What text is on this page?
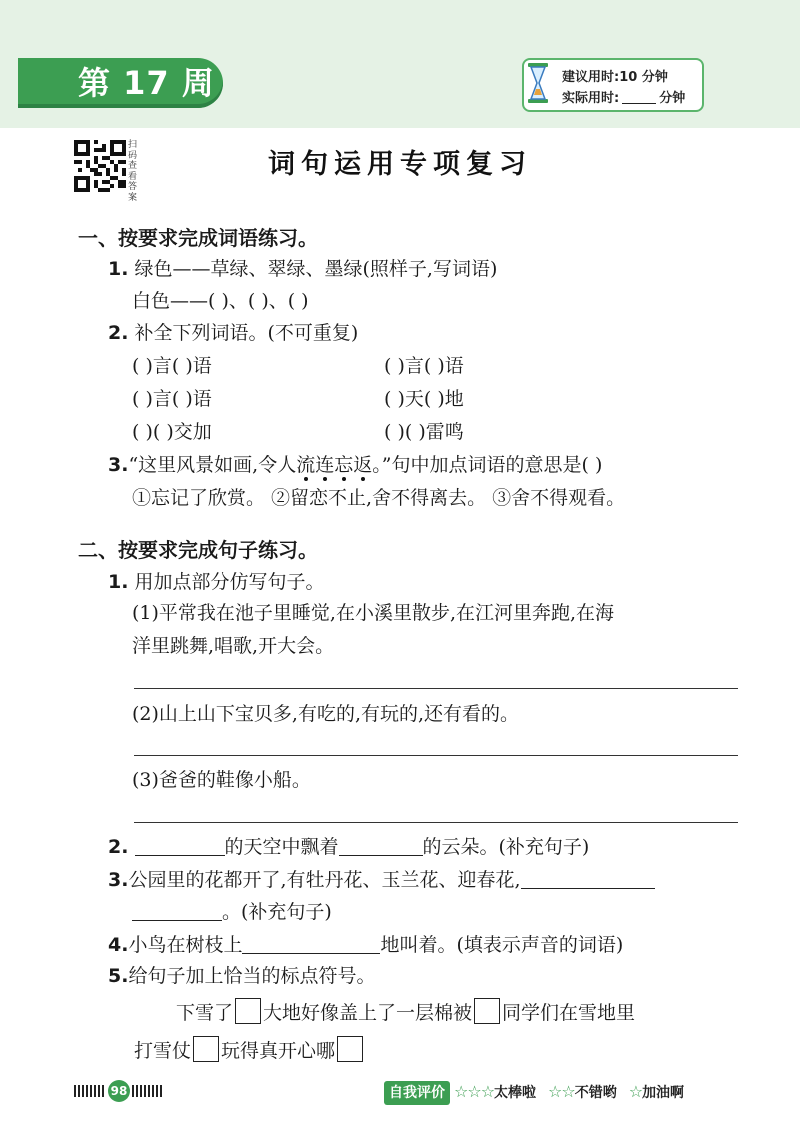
第 17 周	建议用时:10 分钟
实际用时:	分钟
扫码查看答案
词句运用专项复习
一、按要求完成词语练习。
1. 绿色——草绿、翠绿、墨绿(照样子,写词语)
白色——( )、( )、( )
2. 补全下列词语。(不可重复)
( )言( )语	( )言( )语
( )言( )语	( )天( )地
( )( )交加	( )( )雷鸣
3.“这里风景如画,令人流连忘返。”句中加点词语的意思是( )
①忘记了欣赏。 ②留恋不止,舍不得离去。 ③舍不得观看。
二、按要求完成句子练习。
1. 用加点部分仿写句子。
(1)平常我在池子里睡觉,在小溪里散步,在江河里奔跑,在海
洋里跳舞,唱歌,开大会。
(2)山上山下宝贝多,有吃的,有玩的,还有看的。
(3)爸爸的鞋像小船。
2.	的天空中飘着	的云朵。(补充句子)
3.公园里的花都开了,有牡丹花、玉兰花、迎春花,
。(补充句子)
4.小鸟在树枝上	地叫着。(填表示声音的词语)
5.给句子加上恰当的标点符号。
下雪了 大地好像盖上了一层棉被 同学们在雪地里
打雪仗 玩得真开心哪
98	自我评价 ☆☆☆太棒啦 ☆☆不错哟 ☆加油啊
